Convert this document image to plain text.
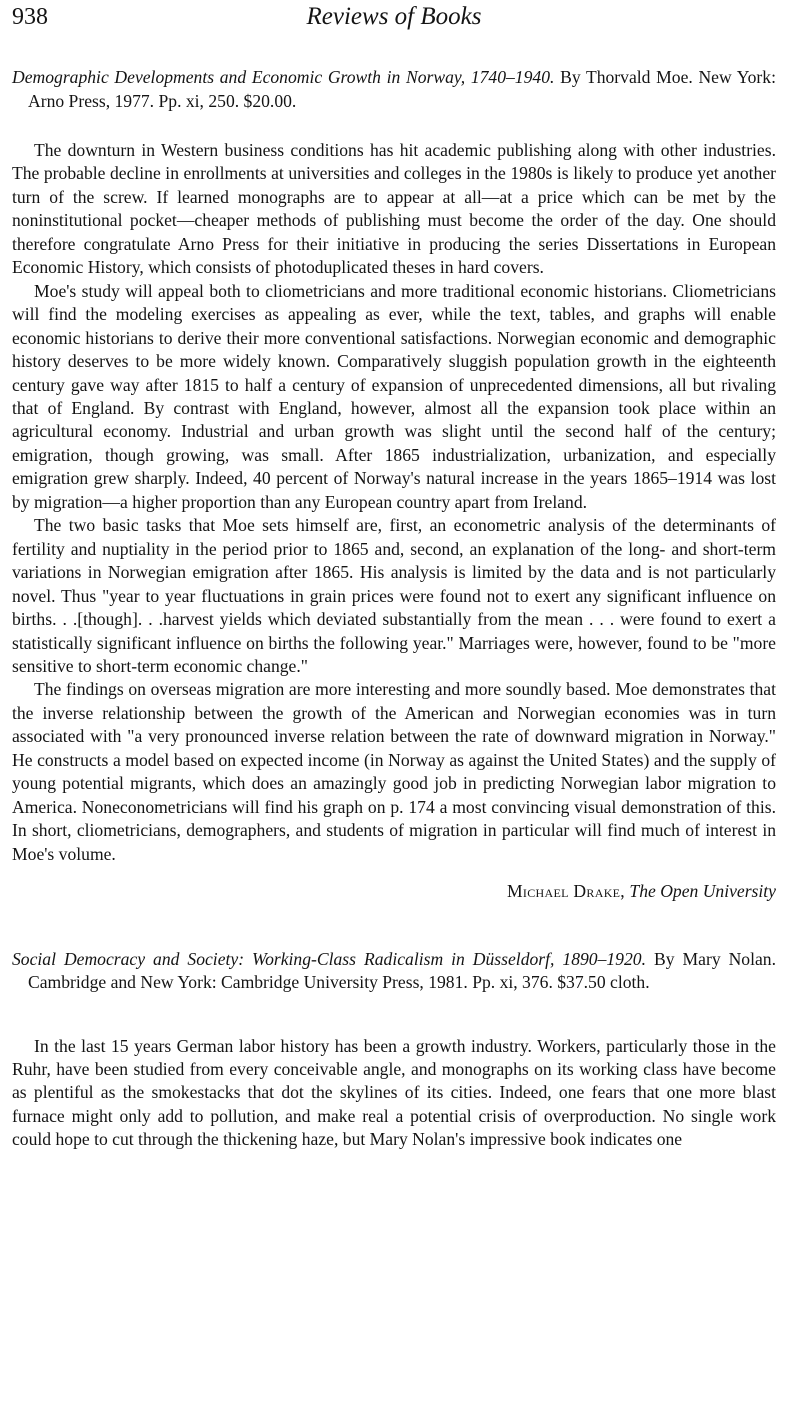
938	Reviews of Books

Demographic Developments and Economic Growth in Norway, 1740–1940. By Thorvald Moe. New York: Arno Press, 1977. Pp. xi, 250. $20.00.

The downturn in Western business conditions has hit academic publishing along with other industries. The probable decline in enrollments at universities and colleges in the 1980s is likely to produce yet another turn of the screw. If learned monographs are to appear at all—at a price which can be met by the noninstitutional pocket—cheaper methods of publishing must become the order of the day. One should therefore congratulate Arno Press for their initiative in producing the series Dissertations in European Economic History, which consists of photoduplicated theses in hard covers.

Moe's study will appeal both to cliometricians and more traditional economic historians. Cliometricians will find the modeling exercises as appealing as ever, while the text, tables, and graphs will enable economic historians to derive their more conventional satisfactions. Norwegian economic and demographic history deserves to be more widely known. Comparatively sluggish population growth in the eighteenth century gave way after 1815 to half a century of expansion of unprecedented dimensions, all but rivaling that of England. By contrast with England, however, almost all the expansion took place within an agricultural economy. Industrial and urban growth was slight until the second half of the century; emigration, though growing, was small. After 1865 industrialization, urbanization, and especially emigration grew sharply. Indeed, 40 percent of Norway's natural increase in the years 1865–1914 was lost by migration—a higher proportion than any European country apart from Ireland.

The two basic tasks that Moe sets himself are, first, an econometric analysis of the determinants of fertility and nuptiality in the period prior to 1865 and, second, an explanation of the long- and short-term variations in Norwegian emigration after 1865. His analysis is limited by the data and is not particularly novel. Thus "year to year fluctuations in grain prices were found not to exert any significant influence on births. . .[though]. . .harvest yields which deviated substantially from the mean . . . were found to exert a statistically significant influence on births the following year." Marriages were, however, found to be "more sensitive to short-term economic change."

The findings on overseas migration are more interesting and more soundly based. Moe demonstrates that the inverse relationship between the growth of the American and Norwegian economies was in turn associated with "a very pronounced inverse relation between the rate of downward migration in Norway." He constructs a model based on expected income (in Norway as against the United States) and the supply of young potential migrants, which does an amazingly good job in predicting Norwegian labor migration to America. Noneconometricians will find his graph on p. 174 a most convincing visual demonstration of this. In short, cliometricians, demographers, and students of migration in particular will find much of interest in Moe's volume.

Michael Drake, The Open University

Social Democracy and Society: Working-Class Radicalism in Düsseldorf, 1890–1920. By Mary Nolan. Cambridge and New York: Cambridge University Press, 1981. Pp. xi, 376. $37.50 cloth.

In the last 15 years German labor history has been a growth industry. Workers, particularly those in the Ruhr, have been studied from every conceivable angle, and monographs on its working class have become as plentiful as the smokestacks that dot the skylines of its cities. Indeed, one fears that one more blast furnace might only add to pollution, and make real a potential crisis of overproduction. No single work could hope to cut through the thickening haze, but Mary Nolan's impressive book indicates one
